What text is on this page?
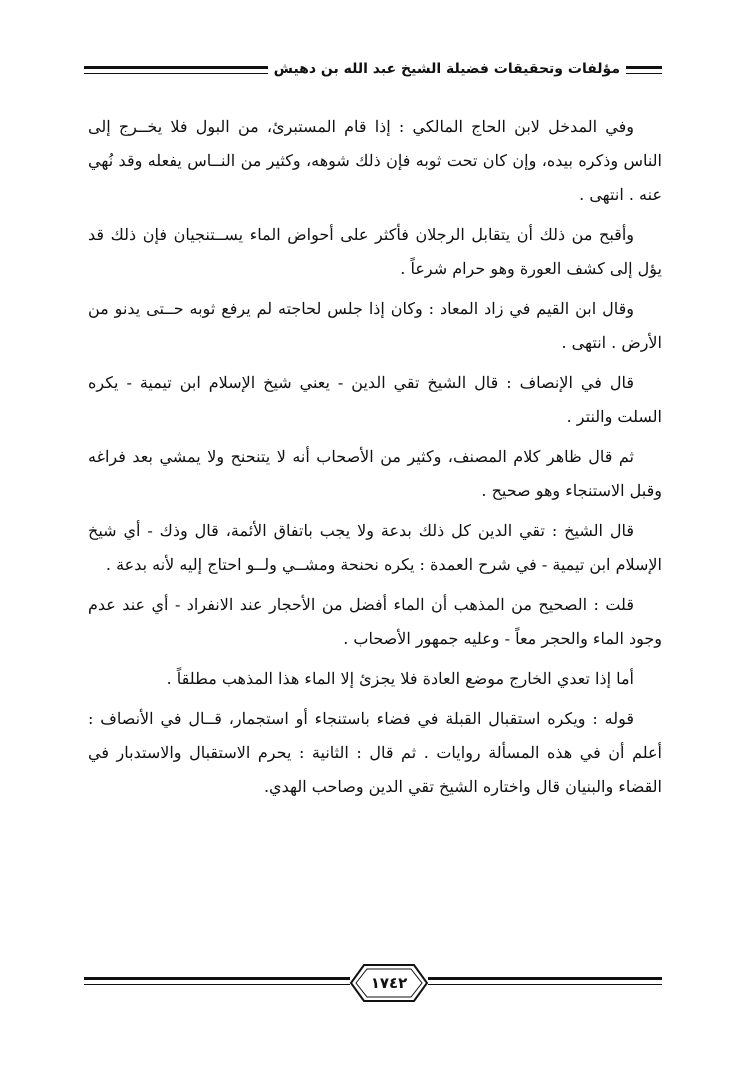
مؤلفات وتحقيقات فضيلة الشيخ عبد الله بن دهيش

وفي المدخل لابن الحاج المالكي : إذا قام المستبرئ، من البول فلا يخــرج إلى الناس وذكره بيده، وإن كان تحت ثوبه فإن ذلك شوهه، وكثير من النــاس يفعله وقد نُهي عنه . انتهى .

وأقبح من ذلك أن يتقابل الرجلان فأكثر على أحواض الماء يســتنجيان فإن ذلك قد يؤل إلى كشف العورة وهو حرام شرعاً .

وقال ابن القيم في زاد المعاد : وكان إذا جلس لحاجته لم يرفع ثوبه حــتى يدنو من الأرض . انتهى .

قال في الإنصاف : قال الشيخ تقي الدين - يعني شيخ الإسلام ابن تيمية - يكره السلت والنتر .

ثم قال ظاهر كلام المصنف، وكثير من الأصحاب أنه لا يتنحنح ولا يمشي بعد فراغه وقبل الاستنجاء وهو صحيح .

قال الشيخ : تقي الدين كل ذلك بدعة ولا يجب باتفاق الأئمة، قال وذك - أي شيخ الإسلام ابن تيمية - في شرح العمدة : يكره نحنحة ومشــي ولــو احتاج إليه لأنه بدعة .

قلت : الصحيح من المذهب أن الماء أفضل من الأحجار عند الانفراد - أي عند عدم وجود الماء والحجر معاً - وعليه جمهور الأصحاب .

أما إذا تعدي الخارج موضع العادة فلا يجزئ إلا الماء هذا المذهب مطلقاً .

قوله : ويكره استقبال القبلة في فضاء باستنجاء أو استجمار، قــال في الأنصاف : أعلم أن في هذه المسألة روايات . ثم قال : الثانية : يحرم الاستقبال والاستدبار في القضاء والبنيان قال واختاره الشيخ تقي الدين وصاحب الهدي.

١٧٤٢
